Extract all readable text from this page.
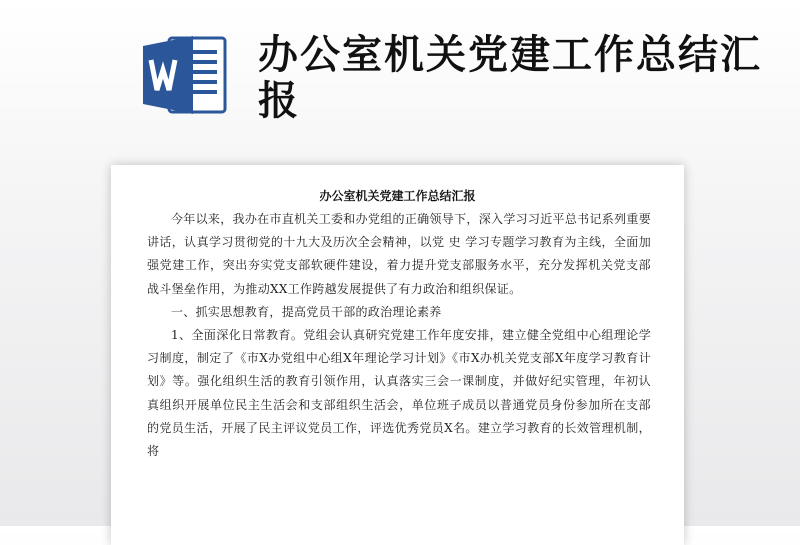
办公室机关党建工作总结汇报

办公室机关党建工作总结汇报

今年以来，我办在市直机关工委和办党组的正确领导下，深入学习习近平总书记系列重要讲话，认真学习贯彻党的十九大及历次全会精神，以党 史 学习专题学习教育为主线，全面加强党建工作，突出夯实党支部软硬件建设，着力提升党支部服务水平，充分发挥机关党支部战斗堡垒作用，为推动XX工作跨越发展提供了有力政治和组织保证。

一、抓实思想教育，提高党员干部的政治理论素养

1、全面深化日常教育。党组会认真研究党建工作年度安排，建立健全党组中心组理论学习制度，制定了《市X办党组中心组X年理论学习计划》《市X办机关党支部X年度学习教育计划》等。强化组织生活的教育引领作用，认真落实三会一课制度，并做好纪实管理，年初认真组织开展单位民主生活会和支部组织生活会，单位班子成员以普通党员身份参加所在支部的党员生活，开展了民主评议党员工作，评选优秀党员X名。建立学习教育的长效管理机制，将
